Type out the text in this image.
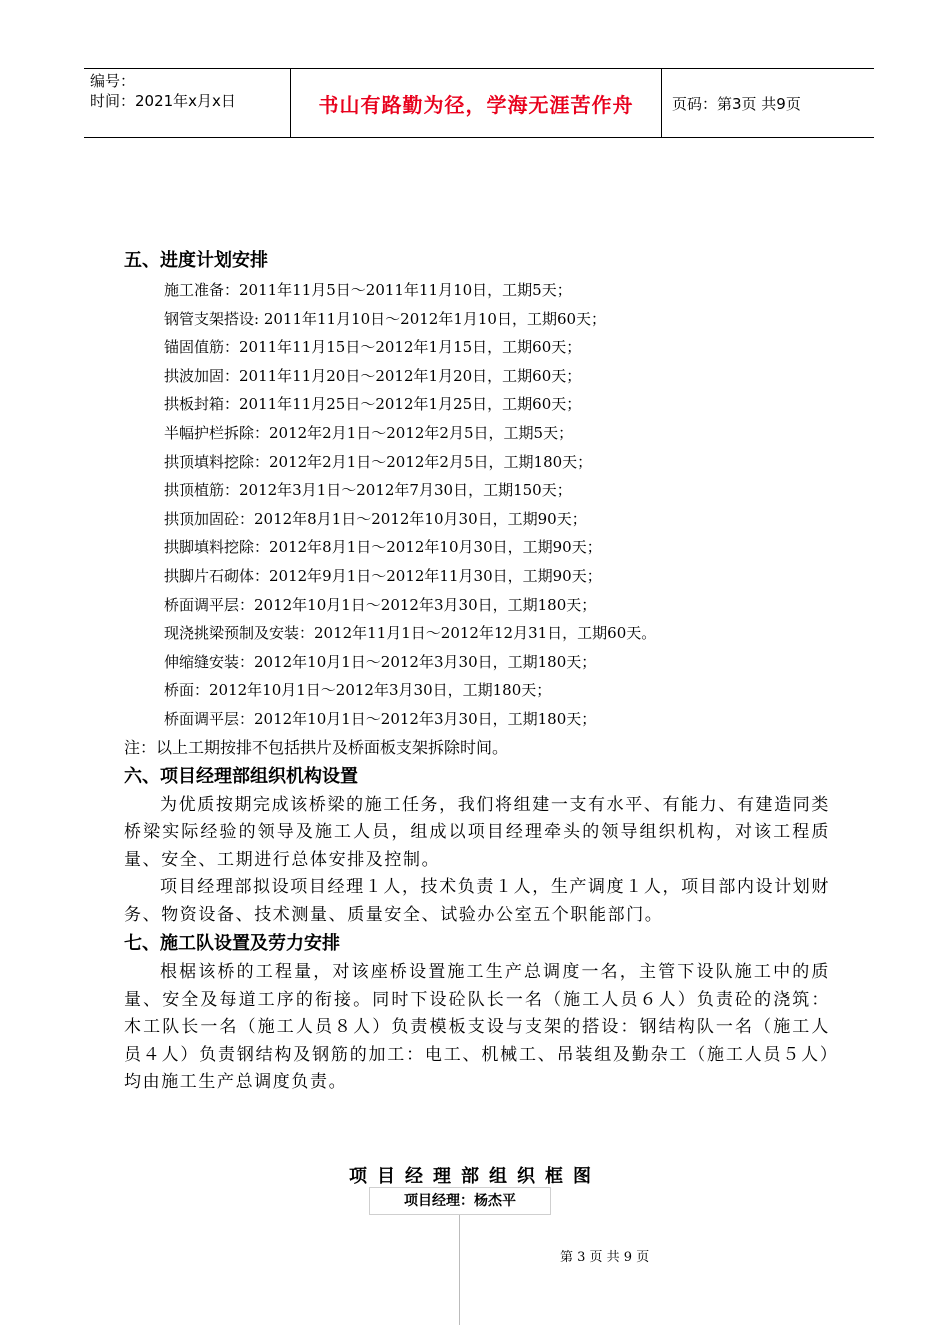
编号：
时间：2021年x月x日	书山有路勤为径，学海无涯苦作舟	页码：第3页 共9页
五、进度计划安排
施工准备：2011年11月5日～2011年11月10日，工期5天；
钢管支架搭设: 2011年11月10日～2012年1月10日，工期60天；
锚固值筋：2011年11月15日～2012年1月15日，工期60天；
拱波加固：2011年11月20日～2012年1月20日，工期60天；
拱板封箱：2011年11月25日～2012年1月25日，工期60天；
半幅护栏拆除：2012年2月1日～2012年2月5日，工期5天；
拱顶填料挖除：2012年2月1日～2012年2月5日，工期180天；
拱顶植筋：2012年3月1日～2012年7月30日，工期150天；
拱顶加固砼：2012年8月1日～2012年10月30日，工期90天；
拱脚填料挖除：2012年8月1日～2012年10月30日，工期90天；
拱脚片石砌体：2012年9月1日～2012年11月30日，工期90天；
桥面调平层：2012年10月1日～2012年3月30日，工期180天；
现浇挑梁预制及安装：2012年11月1日～2012年12月31日，工期60天。
伸缩缝安装：2012年10月1日～2012年3月30日，工期180天；
桥面：2012年10月1日～2012年3月30日，工期180天；
桥面调平层：2012年10月1日～2012年3月30日，工期180天；
注：以上工期按排不包括拱片及桥面板支架拆除时间。
六、项目经理部组织机构设置

为优质按期完成该桥梁的施工任务，我们将组建一支有水平、有能力、有建造同类桥梁实际经验的领导及施工人员，组成以项目经理牵头的领导组织机构，对该工程质量、安全、工期进行总体安排及控制。

项目经理部拟设项目经理１人，技术负责１人，生产调度１人，项目部内设计划财务、物资设备、技术测量、质量安全、试验办公室五个职能部门。

七、施工队设置及劳力安排

根椐该桥的工程量，对该座桥设置施工生产总调度一名，主管下设队施工中的质量、安全及每道工序的衔接。同时下设砼队长一名（施工人员６人）负责砼的浇筑：木工队长一名（施工人员８人）负责模板支设与支架的搭设：钢结构队一名（施工人员４人）负责钢结构及钢筋的加工：电工、机械工、吊装组及勤杂工（施工人员５人）均由施工生产总调度负责。

项目经理部组织框图
项目经理：杨杰平
第 3 页 共 9 页
